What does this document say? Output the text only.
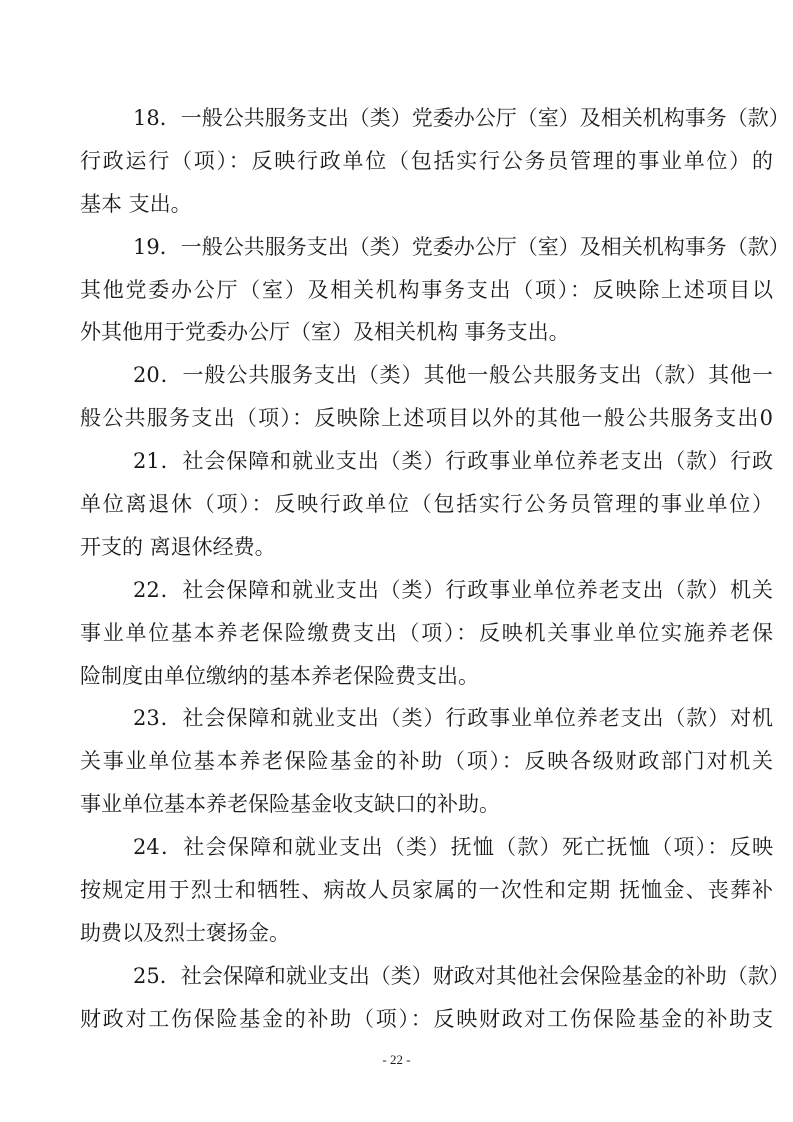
18．一般公共服务支出（类）党委办公厅（室）及相关机构事务（款）
行政运行（项）：反映行政单位（包括实行公务员管理的事业单位）的
基本 支出。
19．一般公共服务支出（类）党委办公厅（室）及相关机构事务（款）
其他党委办公厅（室）及相关机构事务支出（项）：反映除上述项目以
外其他用于党委办公厅（室）及相关机构 事务支出。
20．一般公共服务支出（类）其他一般公共服务支出（款）其他一
般公共服务支出（项）：反映除上述项目以外的其他一般公共服务支出0
21．社会保障和就业支出（类）行政事业单位养老支出（款）行政
单位离退休（项）：反映行政单位（包括实行公务员管理的事业单位）
开支的 离退休经费。
22．社会保障和就业支出（类）行政事业单位养老支出（款）机关
事业单位基本养老保险缴费支出（项）：反映机关事业单位实施养老保
险制度由单位缴纳的基本养老保险费支出。
23．社会保障和就业支出（类）行政事业单位养老支出（款）对机
关事业单位基本养老保险基金的补助（项）：反映各级财政部门对机关
事业单位基本养老保险基金收支缺口的补助。
24．社会保障和就业支出（类）抚恤（款）死亡抚恤（项）：反映
按规定用于烈士和牺牲、病故人员家属的一次性和定期 抚恤金、丧葬补
助费以及烈士褒扬金。
25．社会保障和就业支出（类）财政对其他社会保险基金的补助（款）
财政对工伤保险基金的补助（项）：反映财政对工伤保险基金的补助支
- 22 -
